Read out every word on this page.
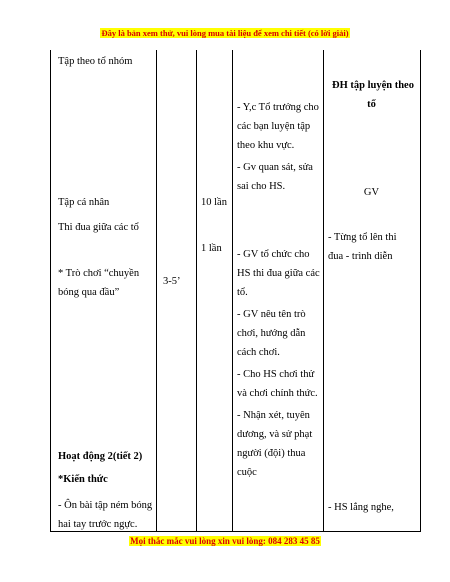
Đây là bản xem thử, vui lòng mua tài liệu để xem chi tiết (có lời giải)
Tập theo tổ nhóm
Tập cá nhân
Thi đua giữa các tổ
* Trò chơi “chuyền
bóng qua đầu”
Hoạt động 2(tiết 2)
*Kiến thức
- Ôn bài tập ném bóng
hai tay trước ngực.
3-5’
10 lần
1 lần
- Y,c Tổ trưởng cho
các bạn luyện tập
theo khu vực.
- Gv quan sát, sửa
sai cho HS.
- GV tổ chức cho
HS thi đua giữa các
tổ.
- GV nêu tên trò
chơi, hướng dẫn
cách chơi.
- Cho HS chơi thử
và chơi chính thức.
- Nhận xét, tuyên
dương, và sử phạt
người (đội) thua
cuộc
ĐH tập luyện theo
tổ
GV
- Từng tổ lên thi
đua - trình diễn
- HS lắng nghe,
Mọi thắc mắc vui lòng xin vui lòng: 084 283 45 85
